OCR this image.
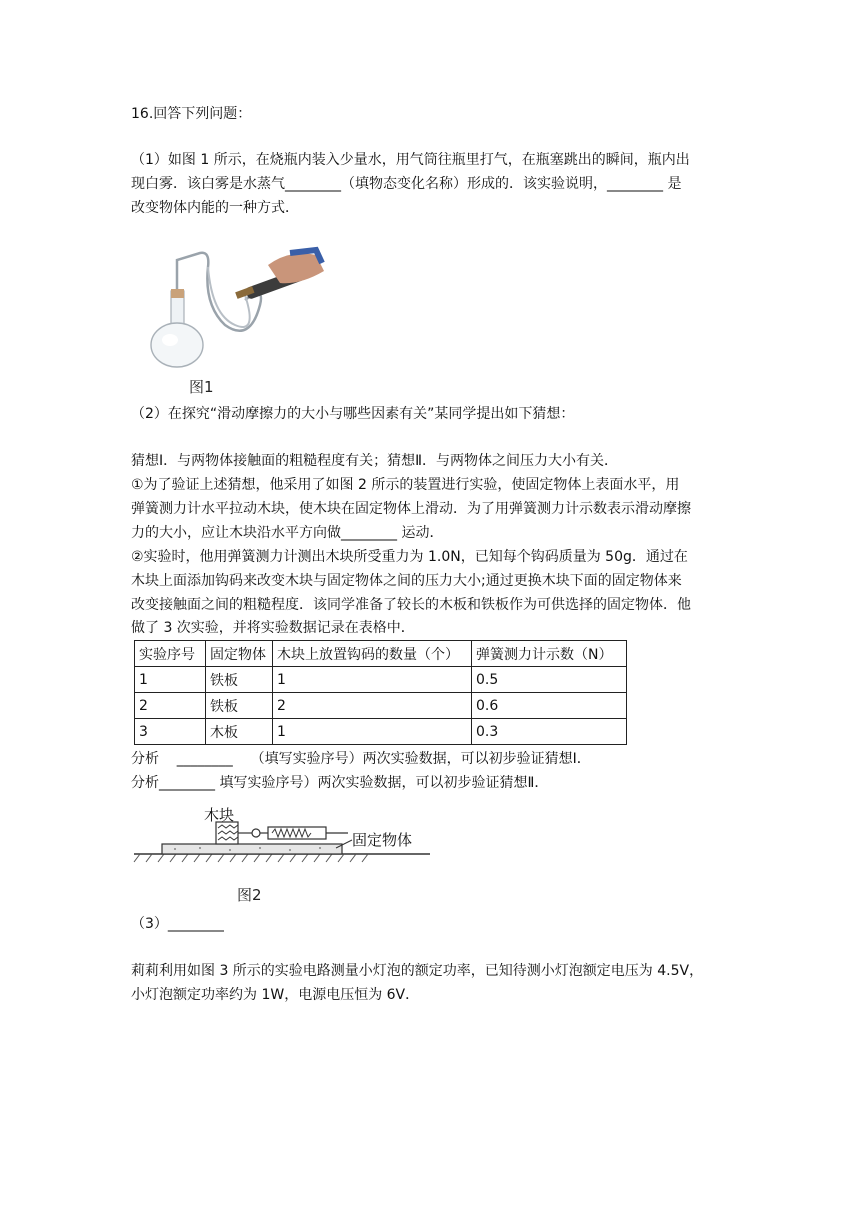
16.回答下列问题：
（1）如图 1 所示，在烧瓶内装入少量水，用气筒往瓶里打气，在瓶塞跳出的瞬间，瓶内出
现白雾．该白雾是水蒸气________（填物态变化名称）形成的．该实验说明，________ 是
改变物体内能的一种方式．
图1
（2）在探究“滑动摩擦力的大小与哪些因素有关”某同学提出如下猜想：
猜想Ⅰ．与两物体接触面的粗糙程度有关；猜想Ⅱ．与两物体之间压力大小有关．
①为了验证上述猜想，他采用了如图 2 所示的装置进行实验，使固定物体上表面水平，用
弹簧测力计水平拉动木块，使木块在固定物体上滑动．为了用弹簧测力计示数表示滑动摩擦
力的大小，应让木块沿水平方向做________ 运动．
②实验时，他用弹簧测力计测出木块所受重力为 1.0N，已知每个钩码质量为 50g．通过在
木块上面添加钩码来改变木块与固定物体之间的压力大小;通过更换木块下面的固定物体来
改变接触面之间的粗糙程度．该同学准备了较长的木板和铁板作为可供选择的固定物体．他
做了 3 次实验，并将实验数据记录在表格中．
实验序号	固定物体	木块上放置钩码的数量（个）	弹簧测力计示数（N）
1	铁板	1	0.5
2	铁板	2	0.6
3	木板	1	0.3
分析    ________    （填写实验序号）两次实验数据，可以初步验证猜想Ⅰ．
分析________ 填写实验序号）两次实验数据，可以初步验证猜想Ⅱ．
木块
固定物体
图2
（3）________
莉莉利用如图 3 所示的实验电路测量小灯泡的额定功率，已知待测小灯泡额定电压为 4.5V，
小灯泡额定功率约为 1W，电源电压恒为 6V．
